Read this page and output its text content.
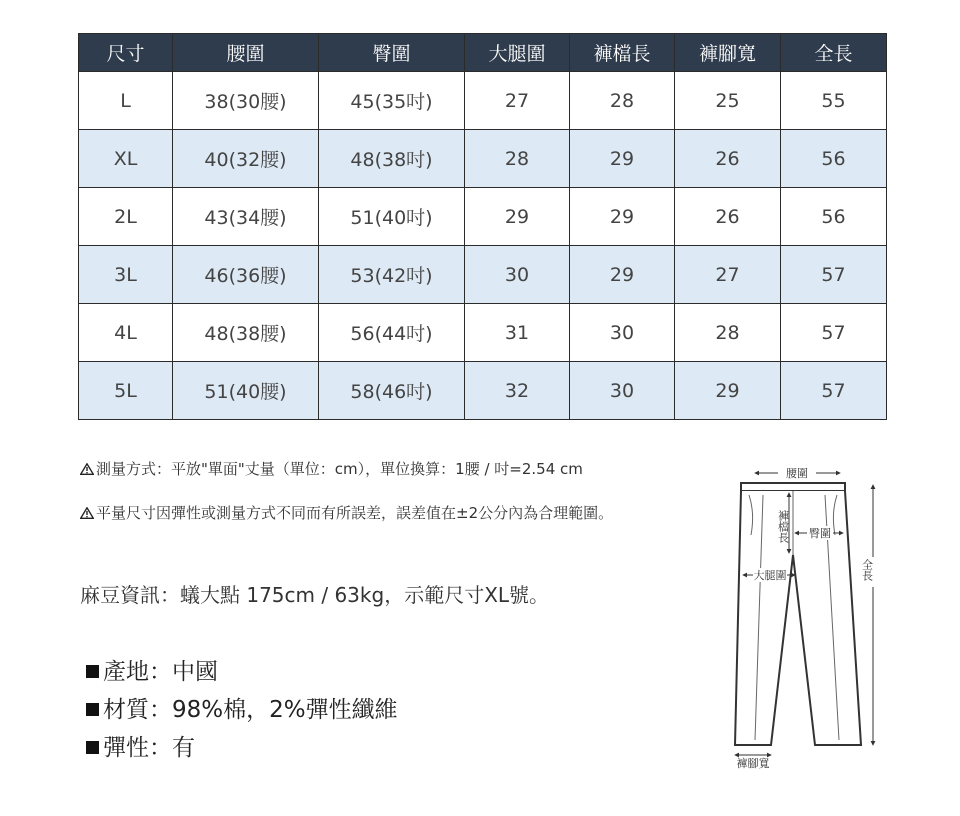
尺寸	腰圍	臀圍	大腿圍	褲檔長	褲腳寬	全長
L	38(30腰)	45(35吋)	27	28	25	55
XL	40(32腰)	48(38吋)	28	29	26	56
2L	43(34腰)	51(40吋)	29	29	26	56
3L	46(36腰)	53(42吋)	30	29	27	57
4L	48(38腰)	56(44吋)	31	30	28	57
5L	51(40腰)	58(46吋)	32	30	29	57
測量方式：平放"單面"丈量（單位：cm），單位換算：1腰 / 吋=2.54 cm
平量尺寸因彈性或測量方式不同而有所誤差，誤差值在±2公分內為合理範圍。
麻豆資訊：蟻大點 175cm / 63kg，示範尺寸XL號。
產地：中國
材質：98%棉，2%彈性纖維
彈性：有
腰圍
褲檔長 臀圍
大腿圍	全長
褲腳寬
